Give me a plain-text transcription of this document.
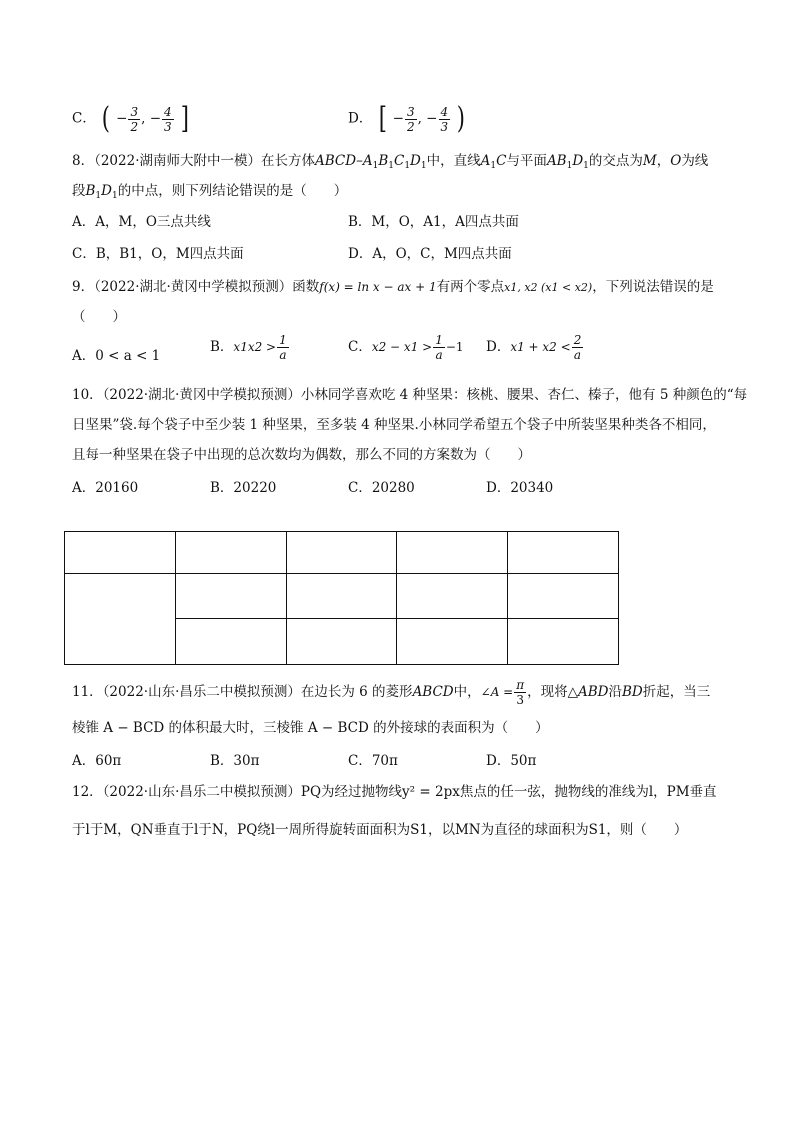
C． ( − $\frac{3}{2}$ , − $\frac{4}{3}$ ]	D． [ − $\frac{3}{2}$ , − $\frac{4}{3}$ )
8．（2022·湖南师大附中一模）在长方体ABCD–$A_1B_1C_1D_1$中，直线$A_1C$与平面$AB_1D_1$的交点为M，O为线
段$B_1D_1$的中点，则下列结论错误的是（　　）
A．A，M，O三点共线	B．M，O，A1，A四点共面
C．B，B1，O，M四点共面	D．A，O，C，M四点共面
9．（2022·湖北·黄冈中学模拟预测）函数f(x) = ln x − ax + 1有两个零点x1, x2 (x1 < x2)，下列说法错误的是
（　　）
A．0 < a < 1
B．$x1x2 > \frac{1}{a}$	C．$x2 - x1 > \frac{1}{a} -1$ D．$x1 + x2 < \frac{2}{a}$
10．（2022·湖北·黄冈中学模拟预测）小林同学喜欢吃 4 种坚果：核桃、腰果、杏仁、榛子，他有 5 种颜色的“每
日坚果”袋.每个袋子中至少装 1 种坚果，至多装 4 种坚果.小林同学希望五个袋子中所装坚果种类各不相同，
且每一种坚果在袋子中出现的总次数均为偶数，那么不同的方案数为（　　）
A．20160	B．20220	C．20280	D．20340

11．（2022·山东·昌乐二中模拟预测）在边长为 6 的菱形ABCD中，∠A = $\frac{\pi}{3}$ ，现将△ABD沿BD折起，当三
棱锥 A − BCD 的体积最大时，三棱锥 A − BCD 的外接球的表面积为（　　）
A．60π	B．30π	C．70π	D．50π
12．（2022·山东·昌乐二中模拟预测）PQ为经过抛物线y² = 2px焦点的任一弦，抛物线的准线为l，PM垂直
于l于M，QN垂直于l于N，PQ绕l一周所得旋转面面积为S1，以MN为直径的球面积为S1，则（　　）
